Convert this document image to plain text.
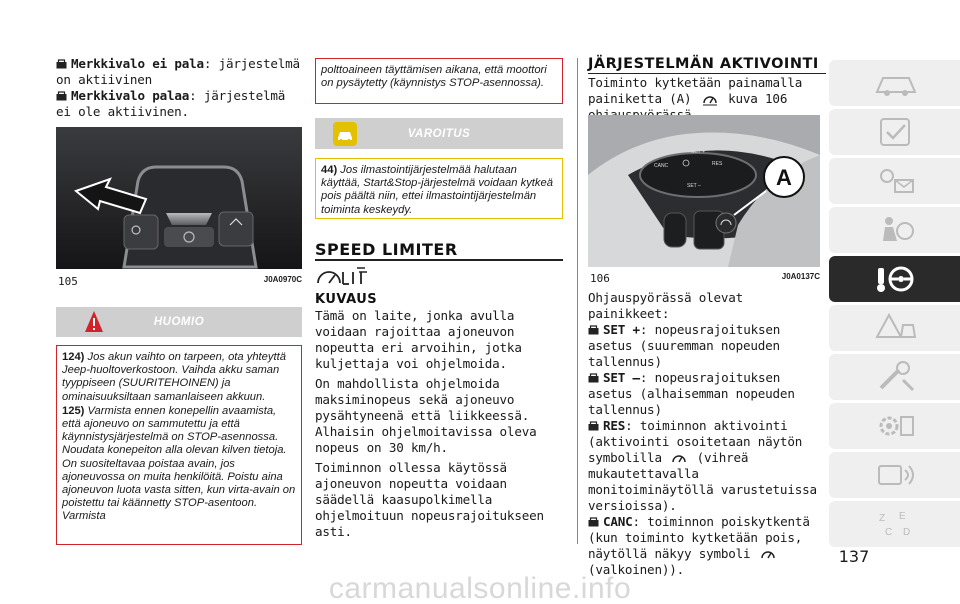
Merkkivalo ei pala: järjestelmä on aktiivinen
Merkkivalo palaa: järjestelmä ei ole aktiivinen.
105	J0A0970C
HUOMIO
124) Jos akun vaihto on tarpeen, ota yhteyttä Jeep-huoltoverkostoon. Vaihda akku saman tyyppiseen (SUURITEHOINEN) ja ominaisuuksiltaan samanlaiseen akkuun.
125) Varmista ennen konepellin avaamista, että ajoneuvo on sammutettu ja että käynnistysjärjestelmä on STOP-asennossa. Noudata konepeiton alla olevan kilven tietoja. On suositeltavaa poistaa avain, jos ajoneuvossa on muita henkilöitä. Poistu aina ajoneuvon luota vasta sitten, kun virta-avain on poistettu tai käännetty STOP-asentoon. Varmista
polttoaineen täyttämisen aikana, että moottori on pysäytetty (käynnistys STOP-asennossa).
VAROITUS
44) Jos ilmastointijärjestelmää halutaan käyttää, Start&Stop-järjestelmä voidaan kytkeä pois päältä niin, ettei ilmastointijärjestelmän toiminta keskeydy.
SPEED LIMITER
KUVAUS

Tämä on laite, jonka avulla voidaan rajoittaa ajoneuvon nopeutta eri arvoihin, jotka kuljettaja voi ohjelmoida.

On mahdollista ohjelmoida maksiminopeus sekä ajoneuvo pysähtyneenä että liikkeessä. Alhaisin ohjelmoitavissa oleva nopeus on 30 km/h.

Toiminnon ollessa käytössä ajoneuvon nopeutta voidaan säädellä kaasupolkimella ohjelmoituun nopeusrajoitukseen asti.

JÄRJESTELMÄN AKTIVOINTI
Toiminto kytketään painamalla painiketta (A)	kuva 106
CANC
SET +
RES
SET –	A
106	J0A0137C

Ohjauspyörässä olevat painikkeet:

SET +: nopeusrajoituksen asetus (suuremman nopeuden tallennus)
SET –: nopeusrajoituksen asetus (alhaisemman nopeuden tallennus)
RES: toiminnon aktivointi (aktivointi osoitetaan näytön symbolilla	(vihreä mukautettavalla monitoiminäytöllä varustetuissa versioissa).
CANC: toiminnon poiskytkentä (kun toiminto kytketään pois, näytöllä näkyy symboli  (valkoinen)).
Z E
C D
137
carmanualsonline.info
